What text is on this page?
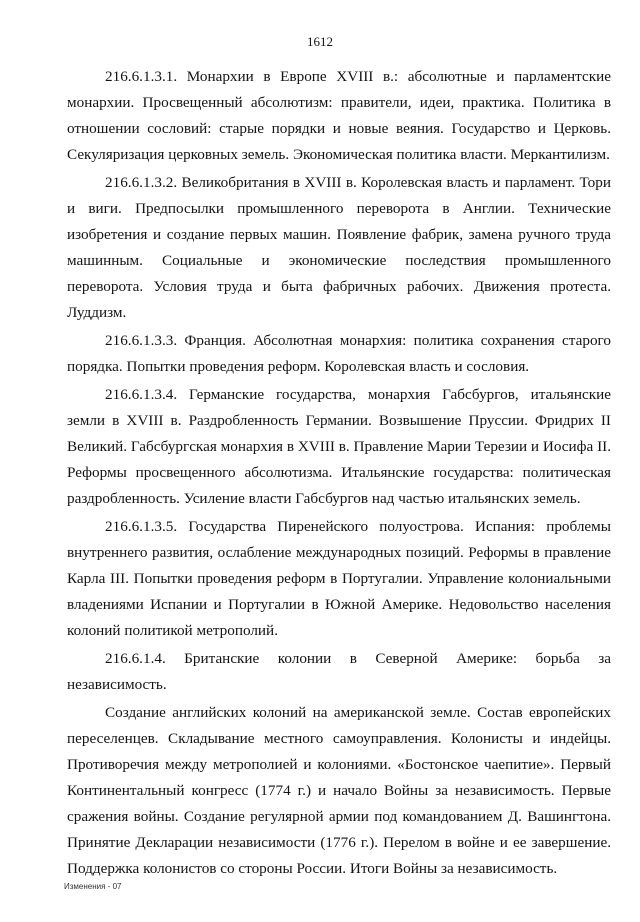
1612

216.6.1.3.1. Монархии в Европе XVIII в.: абсолютные и парламентские монархии. Просвещенный абсолютизм: правители, идеи, практика. Политика в отношении сословий: старые порядки и новые веяния. Государство и Церковь. Секуляризация церковных земель. Экономическая политика власти. Меркантилизм.

216.6.1.3.2. Великобритания в XVIII в. Королевская власть и парламент. Тори и виги. Предпосылки промышленного переворота в Англии. Технические изобретения и создание первых машин. Появление фабрик, замена ручного труда машинным. Социальные и экономические последствия промышленного переворота. Условия труда и быта фабричных рабочих. Движения протеста. Луддизм.

216.6.1.3.3. Франция. Абсолютная монархия: политика сохранения старого порядка. Попытки проведения реформ. Королевская власть и сословия.

216.6.1.3.4. Германские государства, монархия Габсбургов, итальянские земли в XVIII в. Раздробленность Германии. Возвышение Пруссии. Фридрих II Великий. Габсбургская монархия в XVIII в. Правление Марии Терезии и Иосифа II. Реформы просвещенного абсолютизма. Итальянские государства: политическая раздробленность. Усиление власти Габсбургов над частью итальянских земель.

216.6.1.3.5. Государства Пиренейского полуострова. Испания: проблемы внутреннего развития, ослабление международных позиций. Реформы в правление Карла III. Попытки проведения реформ в Португалии. Управление колониальными владениями Испании и Португалии в Южной Америке. Недовольство населения колоний политикой метрополий.

216.6.1.4. Британские колонии в Северной Америке: борьба за независимость.

Создание английских колоний на американской земле. Состав европейских переселенцев. Складывание местного самоуправления. Колонисты и индейцы. Противоречия между метрополией и колониями. «Бостонское чаепитие». Первый Континентальный конгресс (1774 г.) и начало Войны за независимость. Первые сражения войны. Создание регулярной армии под командованием Д. Вашингтона. Принятие Декларации независимости (1776 г.). Перелом в войне и ее завершение. Поддержка колонистов со стороны России. Итоги Войны за независимость.

Изменения - 07
